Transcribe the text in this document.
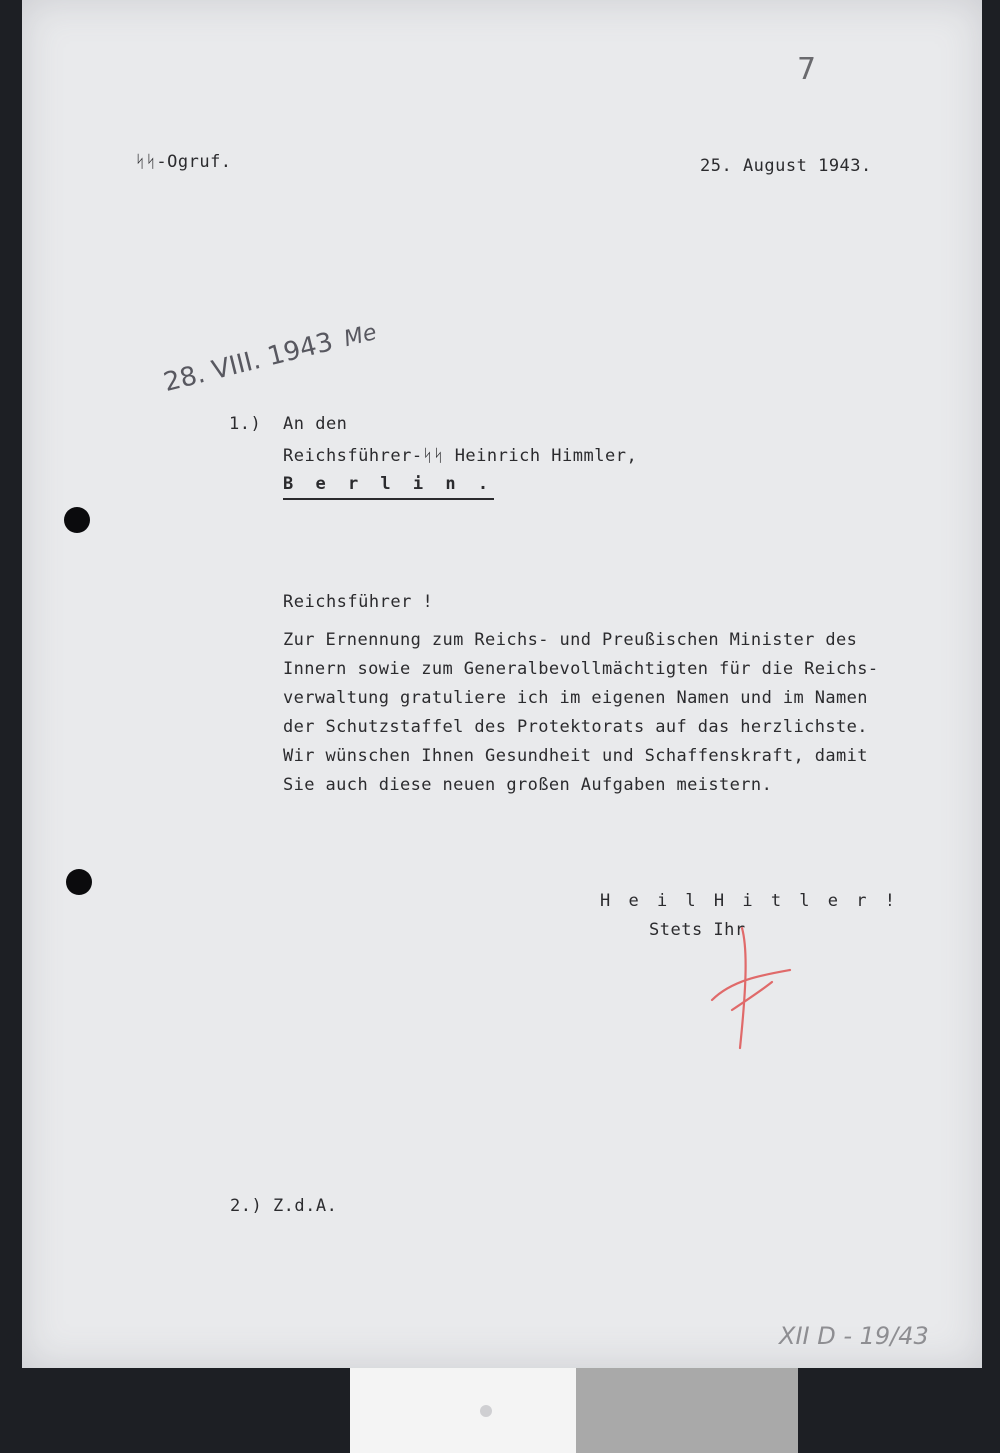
7
ᛋᛋ-Ogruf.	25. August 1943.
28. VIII. 1943 Me
1.) An den
Reichsführer-ᛋᛋ Heinrich Himmler,
B e r l i n .
Reichsführer !
Zur Ernennung zum Reichs- und Preußischen Minister des
Innern sowie zum Generalbevollmächtigten für die Reichs-
verwaltung gratuliere ich im eigenen Namen und im Namen
der Schutzstaffel des Protektorats auf das herzlichste.
Wir wünschen Ihnen Gesundheit und Schaffenskraft, damit
Sie auch diese neuen großen Aufgaben meistern.
H e i l H i t l e r !
Stets Ihr
2.) Z.d.A.
XII D - 19/43
